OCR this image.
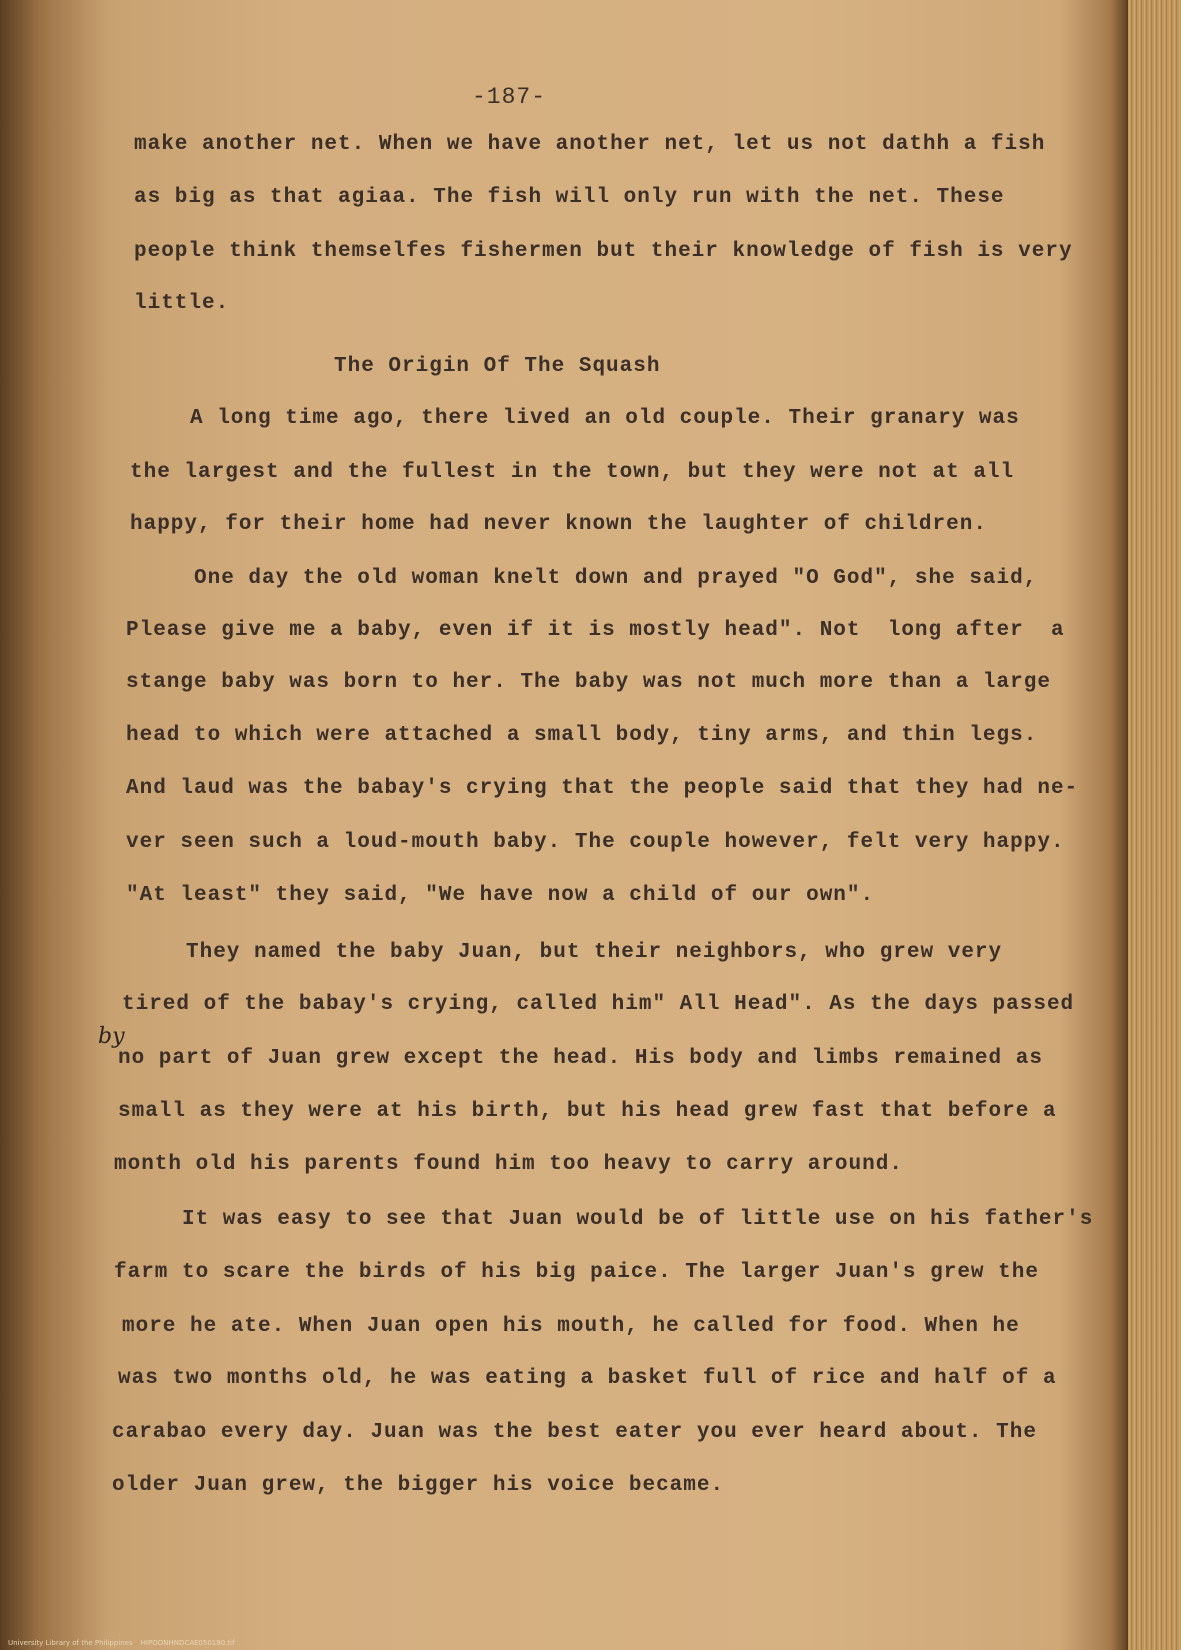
-187-
make another net. When we have another net, let us not dathh a fish
as big as that agiaa. The fish will only run with the net. These
people think themselfes fishermen but their knowledge of fish is very
little.
The Origin Of The Squash
A long time ago, there lived an old couple. Their granary was
the largest and the fullest in the town, but they were not at all
happy, for their home had never known the laughter of children.
One day the old woman knelt down and prayed "O God", she said,
Please give me a baby, even if it is mostly head". Not  long after  a
stange baby was born to her. The baby was not much more than a large
head to which were attached a small body, tiny arms, and thin legs.
And laud was the babay's crying that the people said that they had ne-
ver seen such a loud-mouth baby. The couple however, felt very happy.
"At least" they said, "We have now a child of our own".
They named the baby Juan, but their neighbors, who grew very
tired of the babay's crying, called him" All Head". As the days passed
by
no part of Juan grew except the head. His body and limbs remained as
small as they were at his birth, but his head grew fast that before a
month old his parents found him too heavy to carry around.
It was easy to see that Juan would be of little use on his father's
farm to scare the birds of his big paice. The larger Juan's grew the
more he ate. When Juan open his mouth, he called for food. When he
was two months old, he was eating a basket full of rice and half of a
carabao every day. Juan was the best eater you ever heard about. The
older Juan grew, the bigger his voice became.
University Library of the Philippines HIPOONHNDCAE050190.tif
